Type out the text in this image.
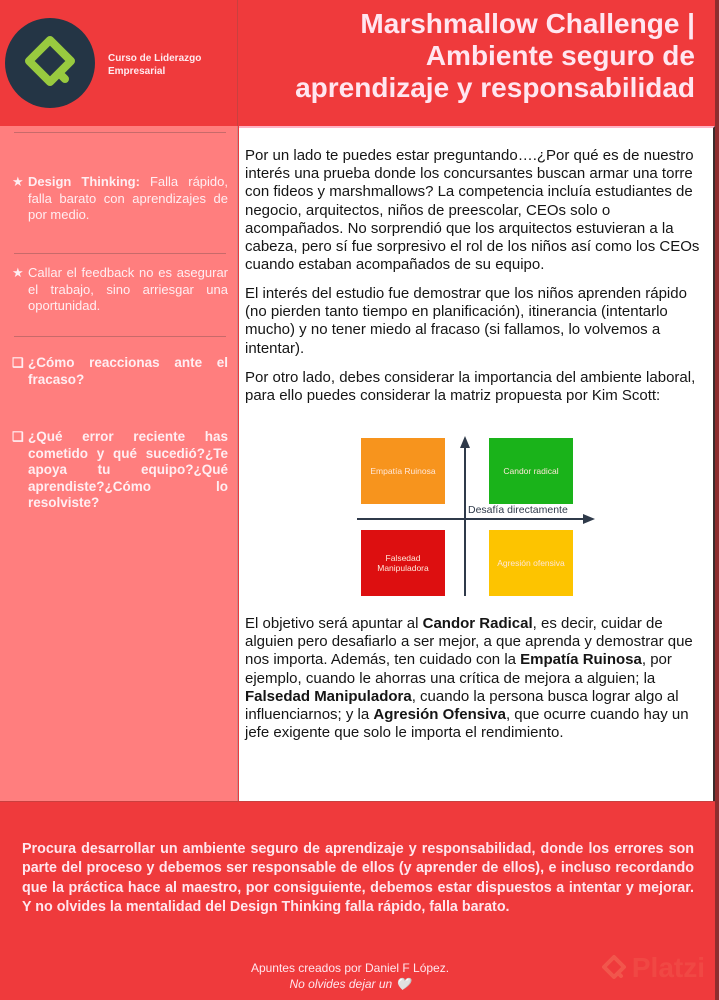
Curso de Liderazgo
Empresarial
Marshmallow Challenge |
Ambiente seguro de
aprendizaje y responsabilidad
★ Design Thinking: Falla rápido, falla barato con aprendizajes de por medio.
★ Callar el feedback no es asegurar el trabajo, sino arriesgar una oportunidad.
❑ ¿Cómo reaccionas ante el fracaso?
❑ ¿Qué error reciente has cometido y qué sucedió?¿Te apoya tu equipo?¿Qué aprendiste?¿Cómo lo resolviste?

Por un lado te puedes estar preguntando….¿Por qué es de nuestro interés una prueba donde los concursantes buscan armar una torre con fideos y marshmallows? La competencia incluía estudiantes de negocio, arquitectos, niños de preescolar, CEOs solo o acompañados. No sorprendió que los arquitectos estuvieran a la cabeza, pero sí fue sorpresivo el rol de los niños así como los CEOs cuando estaban acompañados de su equipo.

El interés del estudio fue demostrar que los niños aprenden rápido (no pierden tanto tiempo en planificación), itinerancia (intentarlo mucho) y no tener miedo al fracaso (si fallamos, lo volvemos a intentar).

Por otro lado, debes considerar la importancia del ambiente laboral, para ello puedes considerar la matriz propuesta por Kim Scott:

Empatía Ruinosa	Candor radical
Falsedad Manipuladora	Agresión ofensiva
Desafía directamente

El objetivo será apuntar al Candor Radical, es decir, cuidar de alguien pero desafiarlo a ser mejor, a que aprenda y demostrar que nos importa. Además, ten cuidado con la Empatía Ruinosa, por ejemplo, cuando le ahorras una crítica de mejora a alguien; la Falsedad Manipuladora, cuando la persona busca lograr algo al influenciarnos; y la Agresión Ofensiva, que ocurre cuando hay un jefe exigente que solo le importa el rendimiento.

Procura desarrollar un ambiente seguro de aprendizaje y responsabilidad, donde los errores son parte del proceso y debemos ser responsable de ellos (y aprender de ellos), e incluso recordando que la práctica hace al maestro, por consiguiente, debemos estar dispuestos a intentar y mejorar. Y no olvides la mentalidad del Design Thinking falla rápido, falla barato.

Apuntes creados por Daniel F López.
No olvides dejar un 🤍
Platzi
